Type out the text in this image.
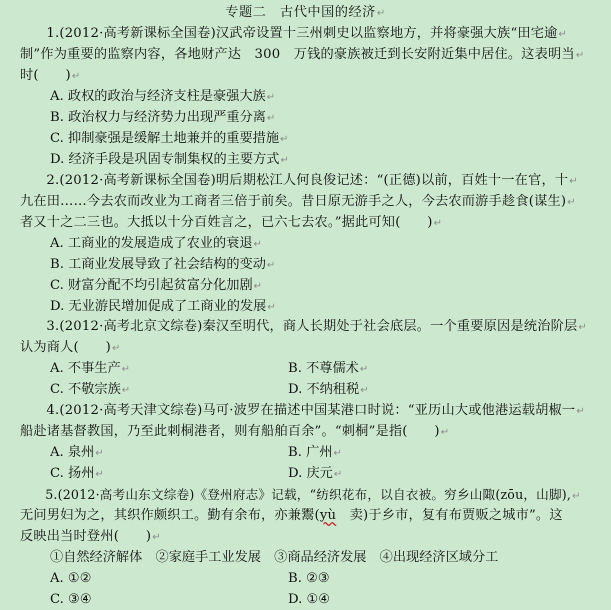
专题二　古代中国的经济↵
1.(2012·高考新课标全国卷)汉武帝设置十三州刺史以监察地方，并将豪强大族“田宅逾↵
制”作为重要的监察内容，各地财产达　300　万钱的豪族被迁到长安附近集中居住。这表明当↵
时(　　)↵
A. 政权的政治与经济支柱是豪强大族↵
B. 政治权力与经济势力出现严重分离↵
C. 抑制豪强是缓解土地兼并的重要措施↵
D. 经济手段是巩固专制集权的主要方式↵
2.(2012·高考新课标全国卷)明后期松江人何良俊记述：“(正德)以前，百姓十一在官，十↵
九在田……今去农而改业为工商者三倍于前矣。昔日原无游手之人，今去农而游手趁食(谋生)↵
者又十之二三也。大抵以十分百姓言之，已六七去农。”据此可知(　　)↵
A. 工商业的发展造成了农业的衰退↵
B. 工商业发展导致了社会结构的变动↵
C. 财富分配不均引起贫富分化加剧↵
D. 无业游民增加促成了工商业的发展↵
3.(2012·高考北京文综卷)秦汉至明代，商人长期处于社会底层。一个重要原因是统治阶层↵
认为商人(　　)↵
A. 不事生产↵	B. 不尊儒术↵
C. 不敬宗族↵	D. 不纳租税↵
4.(2012·高考天津文综卷)马可·波罗在描述中国某港口时说：“亚历山大或他港运载胡椒一↵
船赴诸基督教国，乃至此刺桐港者，则有船舶百余”。“刺桐”是指(　　)↵
A. 泉州↵	B. 广州↵
C. 扬州↵	D. 庆元↵
5.(2012·高考山东文综卷)《登州府志》记载，“纺织花布，以自衣被。穷乡山陬(zōu，山脚),↵
无问男妇为之，其织作颇织工。勤有余布，亦兼鬻(yù　卖)于乡市，复有布贾贩之城市”。这
反映出当时登州(　　)↵
①自然经济解体　②家庭手工业发展　③商品经济发展　④出现经济区域分工
A. ①②	B. ②③
C. ③④	D. ①④
